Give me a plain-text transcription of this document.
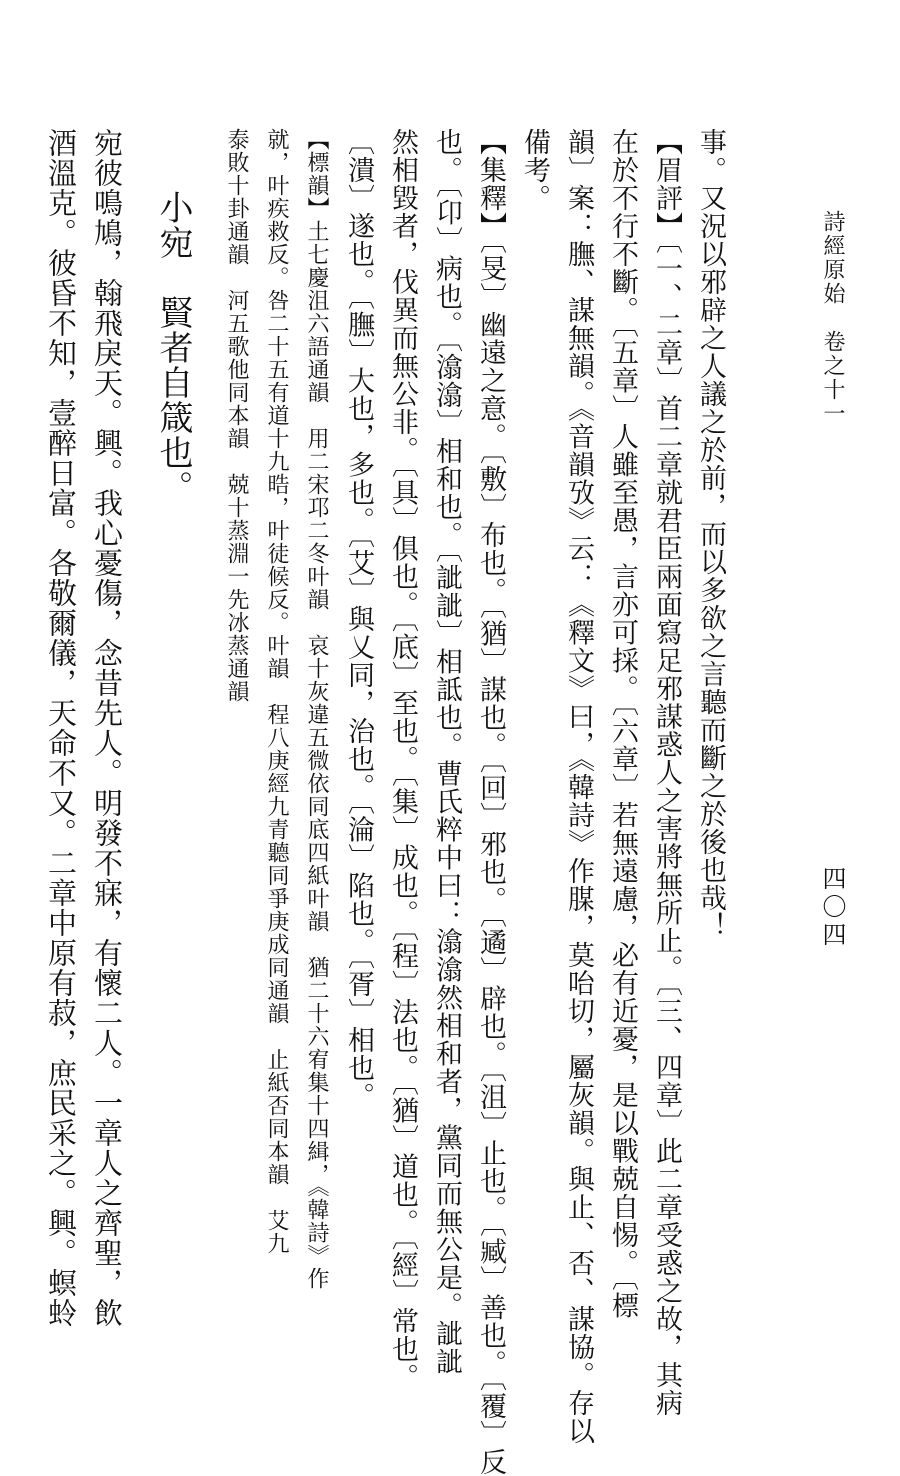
詩經原始　卷之十一
四〇四
事。又況以邪辟之人議之於前，而以多欲之言聽而斷之於後也哉！
【眉評】〔一、二章〕首二章就君臣兩面寫足邪謀惑人之害將無所止。〔三、四章〕此二章受惑之故，其病
在於不行不斷。〔五章〕人雖至愚，言亦可採。〔六章〕若無遠慮，必有近憂，是以戰兢自惕。〔標
韻〕案：膴、謀無韻。《音韻攷》云：《釋文》曰，《韓詩》作腜，莫咍切，屬灰韻。與止、否、謀協。存以
備考。
【集釋】〔旻〕幽遠之意。〔敷〕布也。〔猶〕謀也。〔回〕邪也。〔遹〕辟也。〔沮〕止也。〔臧〕善也。〔覆〕反
也。〔卬〕病也。〔潝潝〕相和也。〔訿訿〕相詆也。曹氏粹中曰：潝潝然相和者，黨同而無公是。訿訿
然相毀者，伐異而無公非。〔具〕俱也。〔底〕至也。〔集〕成也。〔程〕法也。〔猶〕道也。〔經〕常也。
〔潰〕遂也。〔膴〕大也，多也。〔艾〕與乂同，治也。〔淪〕陷也。〔胥〕相也。
【標韻】土七慶沮六語通韻　用二宋邛二冬叶韻　哀十灰違五微依同底四紙叶韻　猶二十六宥集十四緝，《韓詩》作
就，叶疾救反。咎二十五有道十九晧，叶徒候反。叶韻　程八庚經九青聽同爭庚成同通韻　止紙否同本韻　艾九
泰敗十卦通韻　河五歌他同本韻　兢十蒸淵一先冰蒸通韻
小宛　賢者自箴也。
宛彼鳴鳩，翰飛戾天。興。我心憂傷，念昔先人。明發不寐，有懷二人。一章人之齊聖，飲
酒溫克。彼昏不知，壹醉日富。各敬爾儀，天命不又。二章中原有菽，庶民采之。興。螟蛉
